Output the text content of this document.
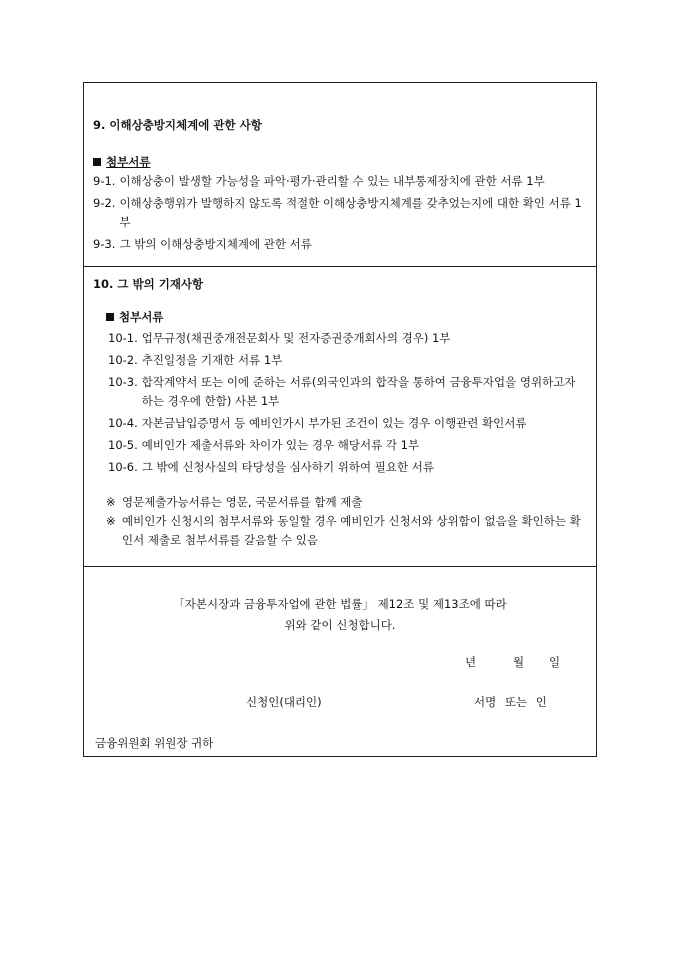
9. 이해상충방지체계에 관한 사항
첨부서류
9-1. 이해상충이 발생할 가능성을 파악·평가·관리할 수 있는 내부통제장치에 관한 서류 1부
9-2. 이해상충행위가 발행하지 않도록 적절한 이해상충방지체계를 갖추었는지에 대한 확인 서류 1부
9-3. 그 밖의 이해상충방지체계에 관한 서류
10. 그 밖의 기재사항
첨부서류
10-1. 업무규정(채권중개전문회사 및 전자증권중개회사의 경우) 1부
10-2. 추진일정을 기재한 서류 1부
10-3. 합작계약서 또는 이에 준하는 서류(외국인과의 합작을 통하여 금융투자업을 영위하고자 하는 경우에 한함) 사본 1부
10-4. 자본금납입증명서 등 예비인가시 부가된 조건이 있는 경우 이행관련 확인서류
10-5. 예비인가 제출서류와 차이가 있는 경우 해당서류 각 1부
10-6. 그 밖에 신청사실의 타당성을 심사하기 위하여 필요한 서류
※ 영문제출가능서류는 영문, 국문서류를 함께 제출
※ 예비인가 신청시의 첨부서류와 동일할 경우 예비인가 신청서와 상위함이 없음을 확인하는 확인서 제출로 첨부서류를 갈음할 수 있음
「자본시장과 금융투자업에 관한 법률」 제12조 및 제13조에 따라
위와 같이 신청합니다.
년	월 일
신청인(대리인)	서명 또는 인
금융위원회 위원장 귀하
